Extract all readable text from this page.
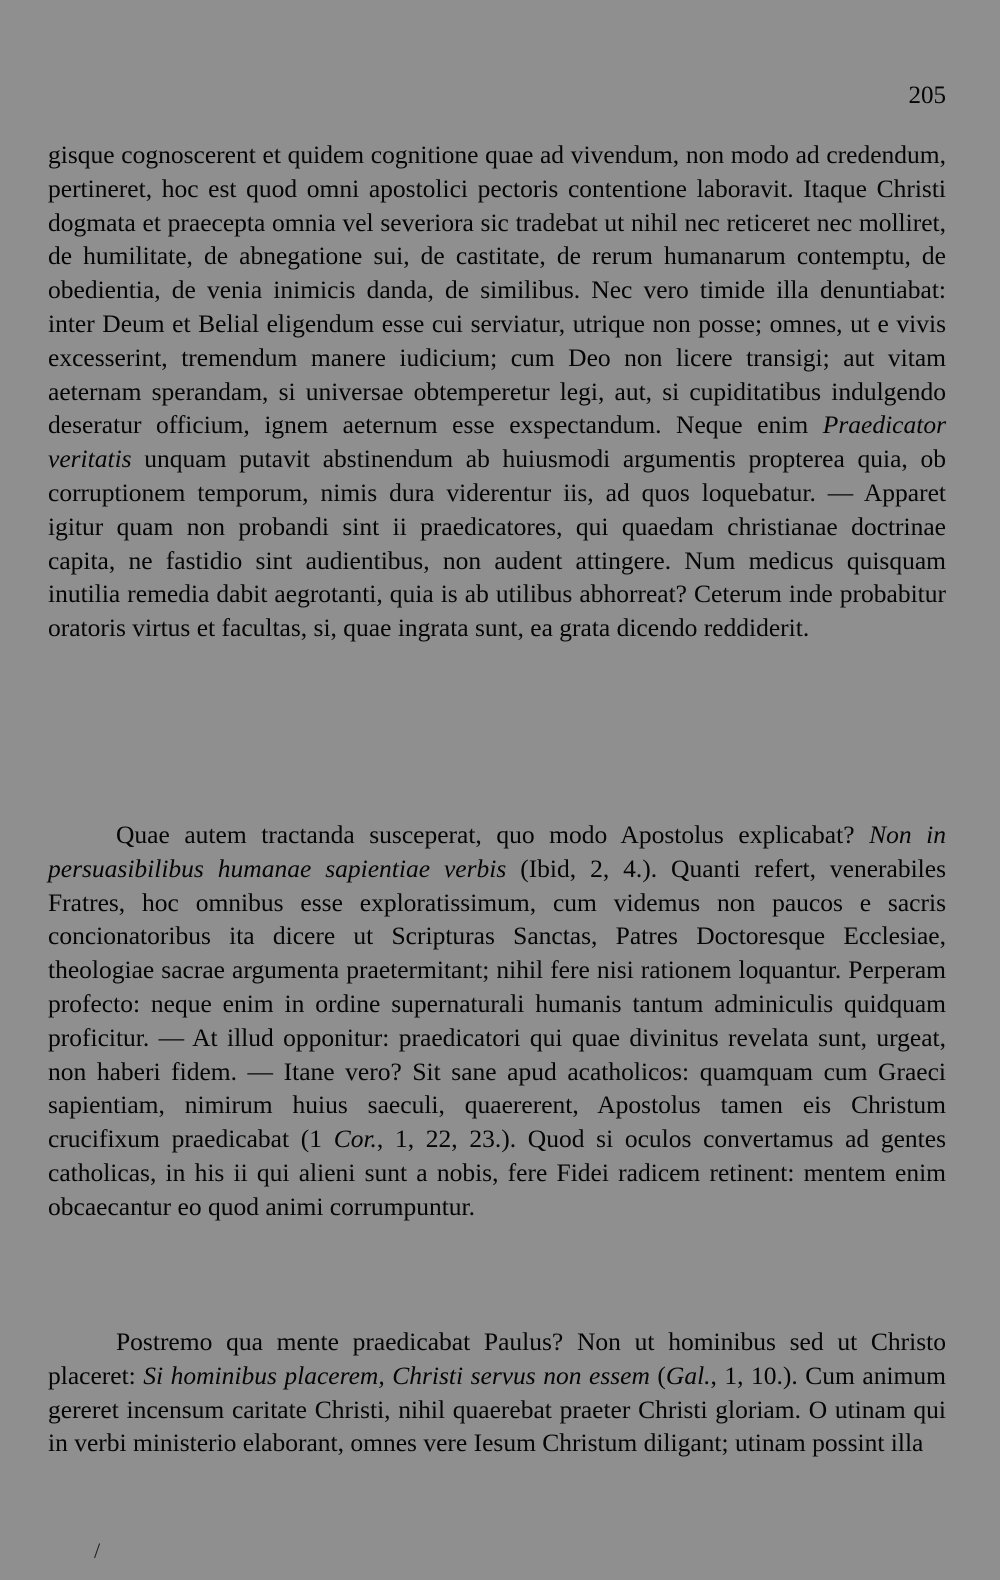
205

gisque cognoscerent et quidem cognitione quae ad vivendum, non modo ad credendum, pertineret, hoc est quod omni apostolici pectoris contentione laboravit. Itaque Christi dogmata et praecepta omnia vel severiora sic tradebat ut nihil nec reticeret nec molliret, de humilitate, de abnegatione sui, de castitate, de rerum humanarum contemptu, de obedientia, de venia inimicis danda, de similibus. Nec vero timide illa denuntiabat: inter Deum et Belial eligendum esse cui serviatur, utrique non posse; omnes, ut e vivis excesserint, tremendum manere iudicium; cum Deo non licere transigi; aut vitam aeternam sperandam, si universae obtemperetur legi, aut, si cupiditatibus indulgendo deseratur officium, ignem aeternum esse exspectandum. Neque enim Praedicator veritatis unquam putavit abstinendum ab huiusmodi argumentis propterea quia, ob corruptionem temporum, nimis dura viderentur iis, ad quos loquebatur. — Apparet igitur quam non probandi sint ii praedicatores, qui quaedam christianae doctrinae capita, ne fastidio sint audientibus, non audent attingere. Num medicus quisquam inutilia remedia dabit aegrotanti, quia is ab utilibus abhorreat? Ceterum inde probabitur oratoris virtus et facultas, si, quae ingrata sunt, ea grata dicendo reddiderit.

Quae autem tractanda susceperat, quo modo Apostolus explicabat? Non in persuasibilibus humanae sapientiae verbis (Ibid, 2, 4.). Quanti refert, venerabiles Fratres, hoc omnibus esse exploratissimum, cum videmus non paucos e sacris concionatoribus ita dicere ut Scripturas Sanctas, Patres Doctoresque Ecclesiae, theologiae sacrae argumenta praetermitant; nihil fere nisi rationem loquantur. Perperam profecto: neque enim in ordine supernaturali humanis tantum adminiculis quidquam proficitur. — At illud opponitur: praedicatori qui quae divinitus revelata sunt, urgeat, non haberi fidem. — Itane vero? Sit sane apud acatholicos: quamquam cum Graeci sapientiam, nimirum huius saeculi, quaererent, Apostolus tamen eis Christum crucifixum praedicabat (1 Cor., 1, 22, 23.). Quod si oculos convertamus ad gentes catholicas, in his ii qui alieni sunt a nobis, fere Fidei radicem retinent: mentem enim obcaecantur eo quod animi corrumpuntur.

Postremo qua mente praedicabat Paulus? Non ut hominibus sed ut Christo placeret: Si hominibus placerem, Christi servus non essem (Gal., 1, 10.). Cum animum gereret incensum caritate Christi, nihil quaerebat praeter Christi gloriam. O utinam qui in verbi ministerio elaborant, omnes vere Iesum Christum diligant; utinam possint illa

/
